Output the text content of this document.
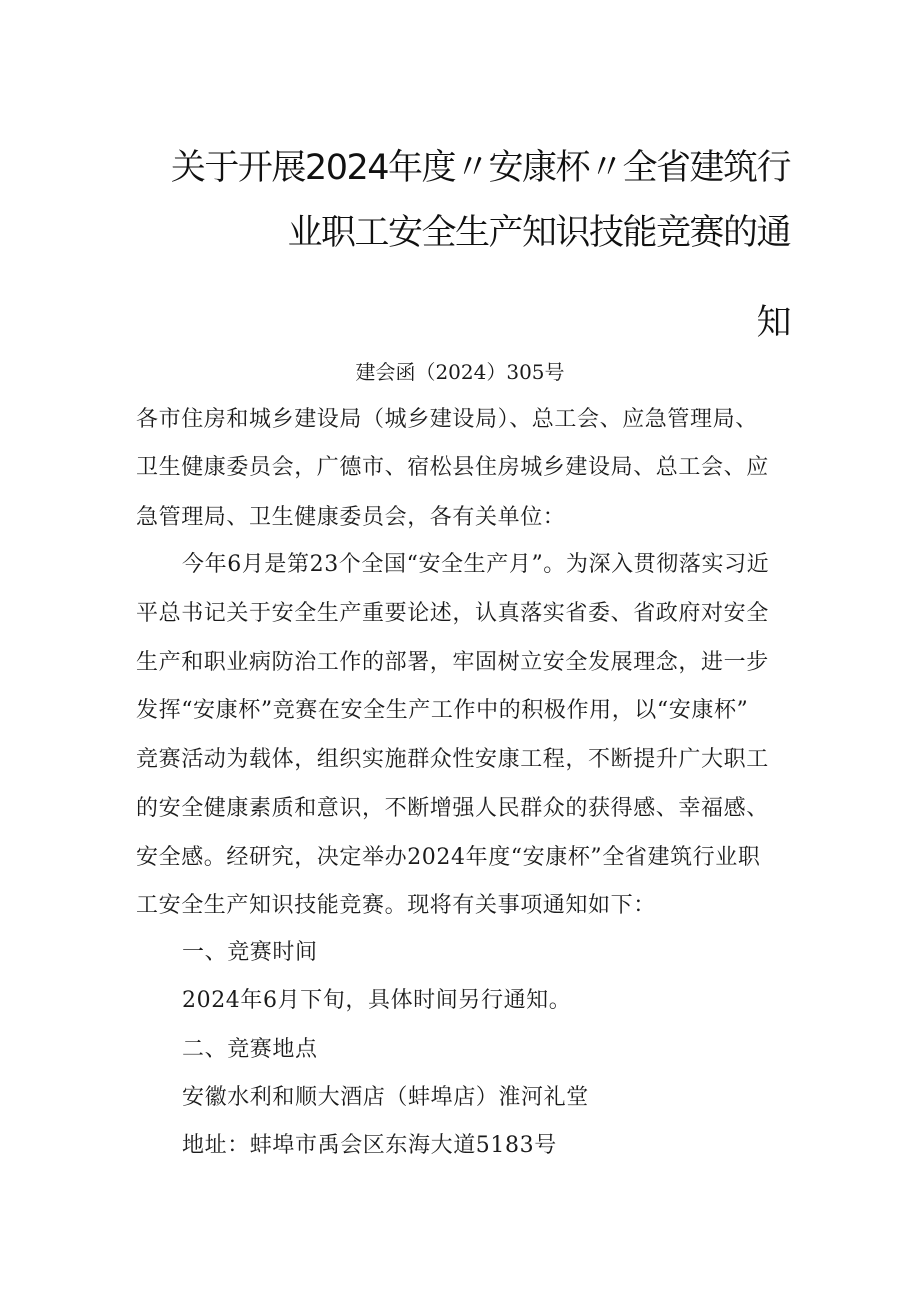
关于开展2024年度〃安康杯〃全省建筑行
业职工安全生产知识技能竞赛的通
知
建会函（2024）305号
各市住房和城乡建设局（城乡建设局）、总工会、应急管理局、
卫生健康委员会，广德市、宿松县住房城乡建设局、总工会、应
急管理局、卫生健康委员会，各有关单位：
今年6月是第23个全国“安全生产月”。为深入贯彻落实习近
平总书记关于安全生产重要论述，认真落实省委、省政府对安全
生产和职业病防治工作的部署，牢固树立安全发展理念，进一步
发挥“安康杯”竞赛在安全生产工作中的积极作用，以“安康杯”
竞赛活动为载体，组织实施群众性安康工程，不断提升广大职工
的安全健康素质和意识，不断增强人民群众的获得感、幸福感、
安全感。经研究，决定举办2024年度“安康杯”全省建筑行业职
工安全生产知识技能竞赛。现将有关事项通知如下：
一、竞赛时间
2024年6月下旬，具体时间另行通知。
二、竞赛地点
安徽水利和顺大酒店（蚌埠店）淮河礼堂
地址：蚌埠市禹会区东海大道5183号
